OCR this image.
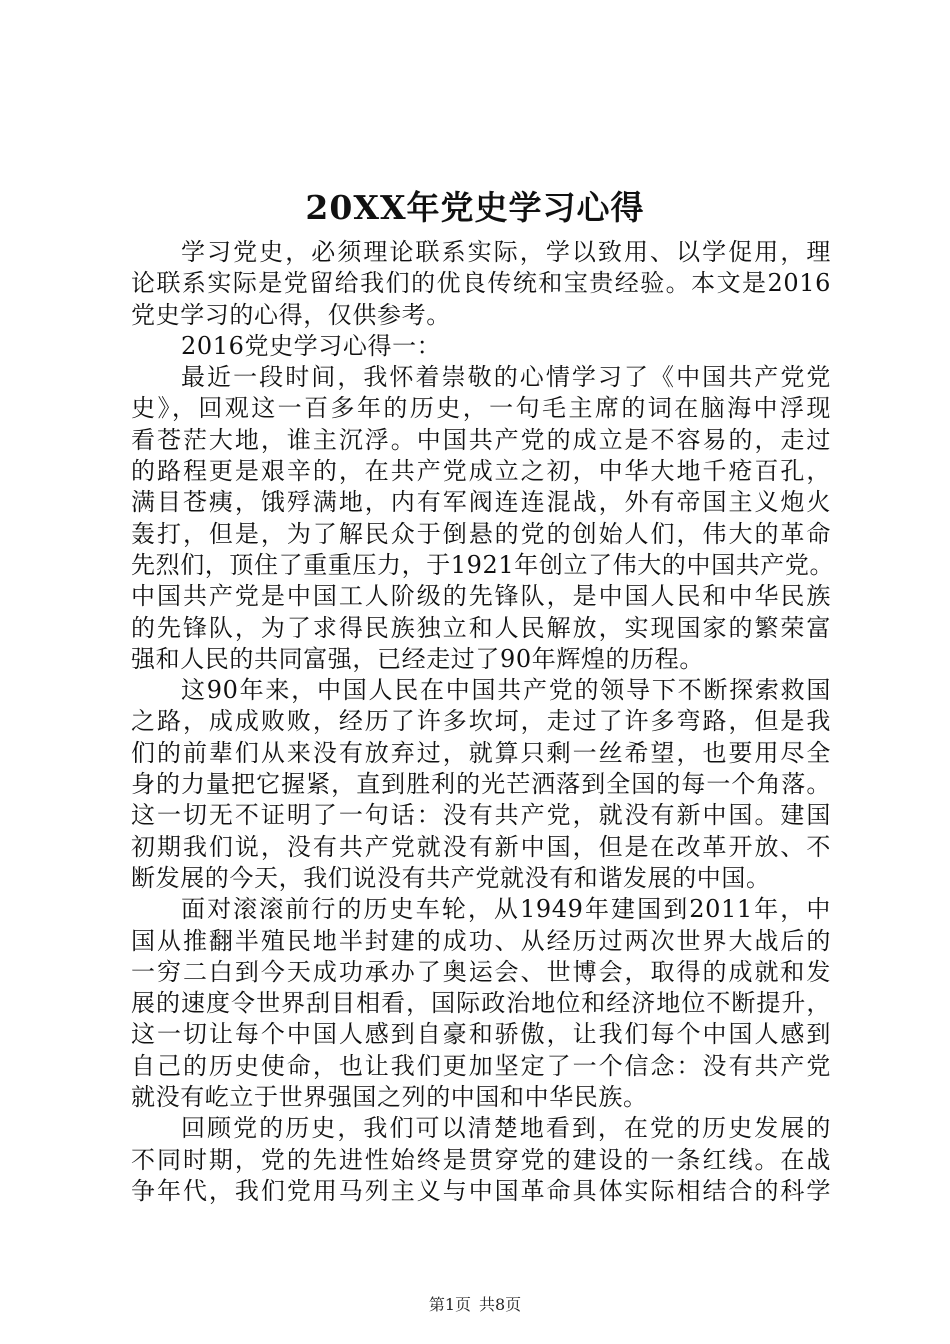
20XX年党史学习心得
学习党史，必须理论联系实际，学以致用、以学促用，理
论联系实际是党留给我们的优良传统和宝贵经验。本文是2016
党史学习的心得，仅供参考。
2016党史学习心得一：
最近一段时间，我怀着崇敬的心情学习了《中国共产党党
史》，回观这一百多年的历史，一句毛主席的词在脑海中浮现
看苍茫大地，谁主沉浮。中国共产党的成立是不容易的，走过
的路程更是艰辛的，在共产党成立之初，中华大地千疮百孔，
满目苍痍，饿殍满地，内有军阀连连混战，外有帝国主义炮火
轰打，但是，为了解民众于倒悬的党的创始人们，伟大的革命
先烈们，顶住了重重压力，于1921年创立了伟大的中国共产党。
中国共产党是中国工人阶级的先锋队，是中国人民和中华民族
的先锋队，为了求得民族独立和人民解放，实现国家的繁荣富
强和人民的共同富强，已经走过了90年辉煌的历程。
这90年来，中国人民在中国共产党的领导下不断探索救国
之路，成成败败，经历了许多坎坷，走过了许多弯路，但是我
们的前辈们从来没有放弃过，就算只剩一丝希望，也要用尽全
身的力量把它握紧，直到胜利的光芒洒落到全国的每一个角落。
这一切无不证明了一句话：没有共产党，就没有新中国。建国
初期我们说，没有共产党就没有新中国，但是在改革开放、不
断发展的今天，我们说没有共产党就没有和谐发展的中国。
面对滚滚前行的历史车轮，从1949年建国到2011年，中
国从推翻半殖民地半封建的成功、从经历过两次世界大战后的
一穷二白到今天成功承办了奥运会、世博会，取得的成就和发
展的速度令世界刮目相看，国际政治地位和经济地位不断提升，
这一切让每个中国人感到自豪和骄傲，让我们每个中国人感到
自己的历史使命，也让我们更加坚定了一个信念：没有共产党
就没有屹立于世界强国之列的中国和中华民族。
回顾党的历史，我们可以清楚地看到，在党的历史发展的
不同时期，党的先进性始终是贯穿党的建设的一条红线。在战
争年代，我们党用马列主义与中国革命具体实际相结合的科学
第1页 共8页
